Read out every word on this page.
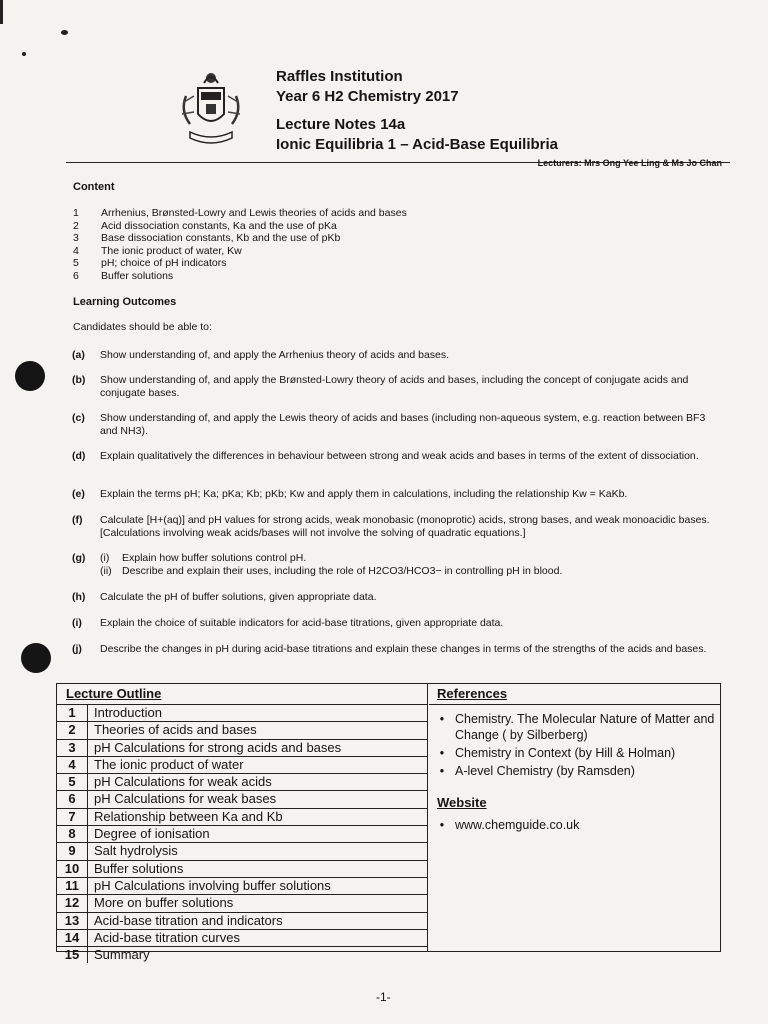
Raffles Institution
Year 6 H2 Chemistry 2017
Lecture Notes 14a
Ionic Equilibria 1 – Acid-Base Equilibria
Lecturers: Mrs Ong Yee Ling & Ms Jo Chan
Content
1	Arrhenius, Brønsted-Lowry and Lewis theories of acids and bases
2	Acid dissociation constants, Ka and the use of pKa
3	Base dissociation constants, Kb and the use of pKb
4	The ionic product of water, Kw
5	pH; choice of pH indicators
6	Buffer solutions
Learning Outcomes
Candidates should be able to:
(a)	Show understanding of, and apply the Arrhenius theory of acids and bases.
(b)	Show understanding of, and apply the Brønsted-Lowry theory of acids and bases, including the concept of conjugate acids and conjugate bases.
(c)	Show understanding of, and apply the Lewis theory of acids and bases (including non-aqueous system, e.g. reaction between BF3 and NH3).
(d)	Explain qualitatively the differences in behaviour between strong and weak acids and bases in terms of the extent of dissociation.
(e)	Explain the terms pH; Ka; pKa; Kb; pKb; Kw and apply them in calculations, including the relationship Kw = KaKb.
(f)	Calculate [H+(aq)] and pH values for strong acids, weak monobasic (monoprotic) acids, strong bases, and weak monoacidic bases. [Calculations involving weak acids/bases will not involve the solving of quadratic equations.]
(g)	(i)	Explain how buffer solutions control pH.
(ii) Describe and explain their uses, including the role of H2CO3/HCO3− in controlling pH in blood.
(h)	Calculate the pH of buffer solutions, given appropriate data.
(i)	Explain the choice of suitable indicators for acid-base titrations, given appropriate data.
(j)	Describe the changes in pH during acid-base titrations and explain these changes in terms of the strengths of the acids and bases.
Lecture Outline
1	Introduction
2	Theories of acids and bases
3	pH Calculations for strong acids and bases
4	The ionic product of water
5	pH Calculations for weak acids
6	pH Calculations for weak bases
7	Relationship between Ka and Kb
8	Degree of ionisation
9	Salt hydrolysis
10	Buffer solutions
11	pH Calculations involving buffer solutions
12	More on buffer solutions
13	Acid-base titration and indicators
14	Acid-base titration curves
15	Summary
References
• Chemistry. The Molecular Nature of Matter and Change ( by Silberberg)
• Chemistry in Context (by Hill & Holman)
• A-level Chemistry (by Ramsden)
Website
• www.chemguide.co.uk
-1-
